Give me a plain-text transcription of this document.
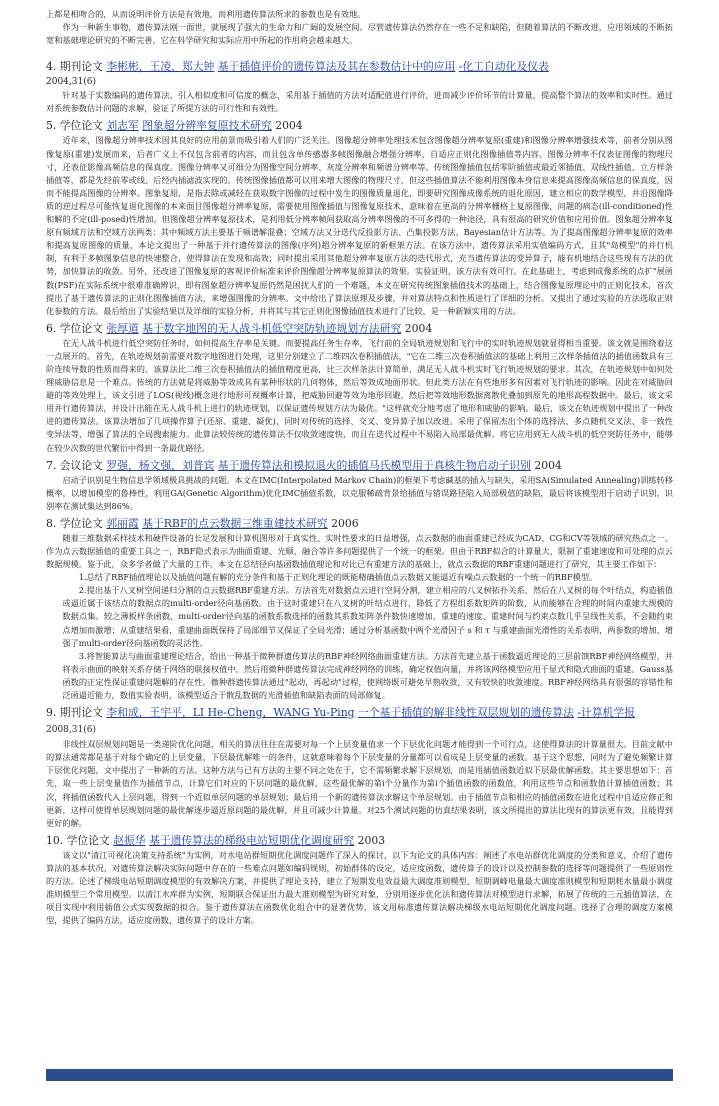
上都是相吻合的，从而说明评价方法是有效地，而利用遗传算法所求的参数也是有效地。

作为一种新生事物，遗传算法刚一面世，就展现了强大的生命力和广阔的发展空间。尽管遗传算法仍然存在一些不足和缺陷，但随着算法的不断改进，应用领域的不断拓宽和基础理论研究的不断完善，它在科学研究和实际应用中所起的作用将会越来越大。

4. 期刊论文 李彬彬，王凌，郑大钟 基于插值评价的遗传算法及其在参数估计中的应用 -化工自动化及仪表

2004,31(6)

针对基于实数编码的遗传算法，引入相似度和可信度的概念，采用基于插值的方法对适配值进行评价，进而减少评价环节的计算量，提高整个算法的效率和实时性。通过对系统参数估计问题的求解，验证了所提方法的可行性和有效性。

5. 学位论文 刘志军 图象超分辨率复原技术研究 2004

近年来，图像超分辨率技术因其良好的应用前景而吸引着人们的广泛关注。图像超分辨率处理技术包含图像超分辨率复原(重建)和图像分辨率增强技术等，前者分别从图像复原(重建)发展而来，后者广义上不仅包含前者的内容，而且包含单传感器多帧图像融合增强分辨率，自适应正则化图像插值等内容。图像分辨率不仅表征图像的物理尺寸，还表征影像高频信息的保真度。图像分辨率又可细分为图像空间分辨率、灰度分辨率和频谱分辨率等。传统图像插值包括零阶插值或最近邻插值、双线性插值、立方样条插值等，都是先经前零或线、后经内插滤波实现的。传统图像插值都可以用来增大图像的物理尺寸，但这些插值算法不能利用图像本身信息来提高图像高频信息的保真度，因而不能提高图像的分辨率。图象复原，是指去除或减轻在获取数字图像的过程中发生的图像质量退化，即要研究图像成像系统的退化原因，建立相应的数学模型，并沿图像降质的逆过程尽可能恢复退化图像的本来面目图像超分辨率复原，需要使用图像插值与图像复原技术，意味着在更高的分辨率栅格上复原图像，问题的病态(ill-conditioned)性和解的不定(ill-posed)性增加。但图像超分辨率复原技术，是利用低分辨率帧间获取高分辨率图像的不可多得的一种途径，具有很高的研究价值和应用价值。图象超分辨率复原有频域方法和空域方法两类：其中频域方法主要基于频谱解混叠；空域方法又分迭代反投影方法、凸集投影方法、Bayesian估计方法等。为了提高图像超分辨率复原的效率和提高复原图像的质量，本论文提出了一种基于并行遗传算法的图像(序列)超分辨率复原的新框架方法。在该方法中，遗传算法采用实值编码方式，且其"岛模型"的并行机制，有利于多帧图象信息的快速整合，使得算法在发现和高效；同时提出采用其他超分辨率复原方法的迭代形式，充当遗传算法的变异算子，能有机地结合这些现有方法的优势，加快算法的收敛。另外，还改进了图像复原的客观评价标准来评价图像超分辨率复原算法的效果。实验证明，该方法有效可行。在此基础上，考虑到成像系统的点扩"展函数(PSF)在实际系统中很难准确辨识，即有图象超分辨率复原仍然是困扰人们的一个难题，本文在研究传统图象插值技术的基础上，结合图像复原理论中的正则化技术，首次提出了基于遗传算法的正则化图像插值方法，来增强图像的分辨率。文中给出了算法原理及步骤，并对算法特点和性质进行了详细的分析。又提出了通过实验的方法选取正则化参数的方法。最后给出了实验结果以及详细的实验分析，并将其与其它正则化图像插值技术进行了比较，是一种新颖实用的方法。

6. 学位论文 张厚道 基于数字地图的无人战斗机低空突防轨迹规划方法研究 2004

在无人战斗机进行低空突防任务时，如何提高生存率是关键。而要提高任务生存率，飞行前的全局轨迹规划和飞行中的实时轨迹规划就显得相当重要。该文就是围绕着这一点展开的。首先，在轨迹规划前需要对数字地图进行处理，这里分别建立了二维四次卷积插值法，"它在二维三次卷积插值法的基础上利用三次样条插值法的插值函数具有三阶连续导数的性质而得来的。该算法比二维三次卷积插值法的插值精度更高，比三次样条法计算简单，满足无人战斗机实时飞行轨迹规划的要求。其次，在轨迹规划中如何处理威胁信息是一个难点。传统的方法就是将威胁等效成具有某种形状的几何物体，然后等效成地面形状。但此类方法在有些地形多有因素对飞行轨迹的影响。因此在对威胁回避的等效处理上，该文引进了LOS(视线)概念进行地形可视概率计算，把威胁回避等效为地形回避，然后把等效地形数据离散化叠加到原先的地形高程数据中。最后，该文采用并行遗传算法，并设计出能在无人战斗机上进行的轨迹规划，以保证遗传规划方法为最优。"这样就充分地考虑了地形和威胁的影响。最后，该文在轨迹规划中提出了一种改进的遗传算法。该算法增加了几项操作算子(还原、重建、凝优)，同时对传统的选择、交叉、变异算子加以改进。采用了保留杰出个体的选择法、多点随机交叉法、非一致性变异法等，增强了算法的全局搜索能力。此算法较传统的遗传算法不仅收敛速度快，而且在迭代过程中不易陷入局部最优解。将它应用到无人战斗机的低空突防任务中，能够在较少次数的世代繁衍中得到一条最优路径。

7. 会议论文 罗强，杨文强，刘普宾 基于遗传算法和模拟退火的插值马氏模型用于真核生物启动子识别 2004

启动子识别是生物信息学领域极具挑战的问题。本文在IMC(Interpolated Markov Chain)的框架下考虑碱基的插入与缺失，采用SA(Simulated Annealing)训练转移概率，以增加模型的鲁棒性，利用GA(Genetic Algorithm)优化IMC插值系数，以克服稀疏背景给插值与错误路径陷入局部极值的缺陷，最后将该模型用于启动子识别，识别率在测试集达到86%。

8. 学位论文 郭丽霞 基于RBF的点云数据三维重建技术研究 2006

随着三维数据采样技术和硬件设备的长足发展和计算机图形对于真实性、实时性要求的日益增强，点云数据的曲面重建已经成为CAD、CG和CV等领域的研究热点之一。作为点云数据插值的重要工具之一，RBF隐式表示为曲面重建、光顺、融合等许多问题提供了一个统一的框架。但由于RBF拟合的计算量大，限制了重建速度和可处理的点云数据规模。鉴于此，众多学者做了大量的工作。本文在总结径向基函数插值理论和对比已有重建方法的基础上，就点云数据的RBF重建问题进行了研究，其主要工作如下：

1.总结了RBF插值理论以及插值问题有解的充分条件和基于正则化理论的既能精确插值点云数据又能逼近有噪点云数据的一个统一的RBF模型。

2.提出基于八叉树空间递归分割的点云数据RBF重建方法。方法首先对数据点云进行空间分割，建立相应的八叉树拓扑关系，然后在八叉树的每个叶结点，构造插值或逼近属于该结点的数据点的multi-order径向基函数。由于这时重建只在八叉树的叶结点进行，降低了方程组系数矩阵的阶数，从而能够在合理的时间内重建大规模的数据点集。较之薄板样条函数，multi-order径向基的函数系数选择的函数其系数矩阵条件数快速增加，重建的速度、重建时间与约束点数几乎呈线性关系，不会随约束点增加而激增；从重建结果看，重建曲面既保持了局部细节又保证了全局光滑；通过分析基函数中两个光滑因子 s 和 τ 与重建曲面光滑性的关系表明，两参数的增加，增强了multi-order径向基函数的灵活性。

3.将智能算法与曲面重建理论结合，给出一种基于微种群遗传算法的RBF神经网络曲面重建方法。方法首先建立基于函数逼近理论的三层前馈RBF神经网络模型，并将表示曲面的映射关系存储于网络的联接权值中，然后用微种群遗传算法完成神经网络的训练，确定权值向量，并将该网络模型应用于显式和隐式曲面的重建。Gauss基函数的正定性保证重建问题解的存在性。微种群遗传算法通过"起动，再起动"过程，使网络既可避免早熟收敛，又有较快的收敛速度。RBF神经网络具有很强的容错性和泛函逼近能力，数值实验表明，该模型适合于散乱数据的光滑插值和缺陷表面的局部修复。

9. 期刊论文 李和成，王宇平，LI He-Cheng，WANG Yu-Ping 一个基于插值的解非线性双层规划的遗传算法 -计算机学报2008,31(6)

非线性双层规划问题是一类递阶优化问题，相关的算法往往在需要对每一个上层变量值求一个下层优化问题才能得到一个可行点，这使得算法的计算量很大。目前文献中的算法通常都是基于对每个确定的上层变量，下层最优解唯一的条件，这就意味着每个下层变量的分量都可以看成是上层变量的函数。基于这个思想，同时为了避免频繁计算下层优化问题，文中提出了一种新的方法。这种方法与已有方法的主要不同之处在于，它不需频繁求解下层规划，而是用插值函数近似下层最优解函数。其主要思想如下：首先，取一些上层变量值作为插值节点，计算它们对应的下层问题的最优解，这些最优解的第i个分量作为第i个插值函数的函数值，利用这些节点和函数值计算插值函数；其次，将插值函数代入上层问题，得到一个近似单层问题的单层规划；最后用一个新的遗传算法求解这个单层规划。由于插值节点和相应的插值函数在进化过程中自适应修正和更新，这样可使得单层规划问题的最优解逐步逼近原问题的最优解，并且可减少计算量。对25个测试问题的仿真结果表明，该文所提出的算法比现有的算法更有效，且能得到更好的解。

10. 学位论文 赵振华 基于遗传算法的梯级电站短期优化调度研究 2003

该文以"清江可视化决策支持系统"为实例，对水电站群短期优化调度问题作了深入的探讨，以下为论文的具体内容：阐述了水电站群优化调度的分类和意义，介绍了遗传算法的基本状况，对遗传算法解决实际问题中存在的一些难点问题如编码规则，初始群体的设定，适应度函数，遗传算子的设计以及控制参数的选择等问题提供了一些原则性的方法。论述了梯级电站短期调度模型的有效解决方案，并提供了理论支持，建立了短期发电效益最大调度准则模型、短期调峰电量最大调度准则模型和短期耗水量最小调度准则模型三个常用模型。以清江水库群为实例，短期联合保证出力最大准则模型为研究对象，分别用逐步优化法和遗传算法对模型进行求解，拓展了传统的三元插值算法，在项目实现中利用插值公式实现数据的拟合。鉴于遗传算法在函数优化组合中的显著优势，该文用标准遗传算法解决梯级水电站短期优化调度问题。选择了合理的调度方案模型，提供了编码方法，适应度函数，遗传算子的设计方案。
